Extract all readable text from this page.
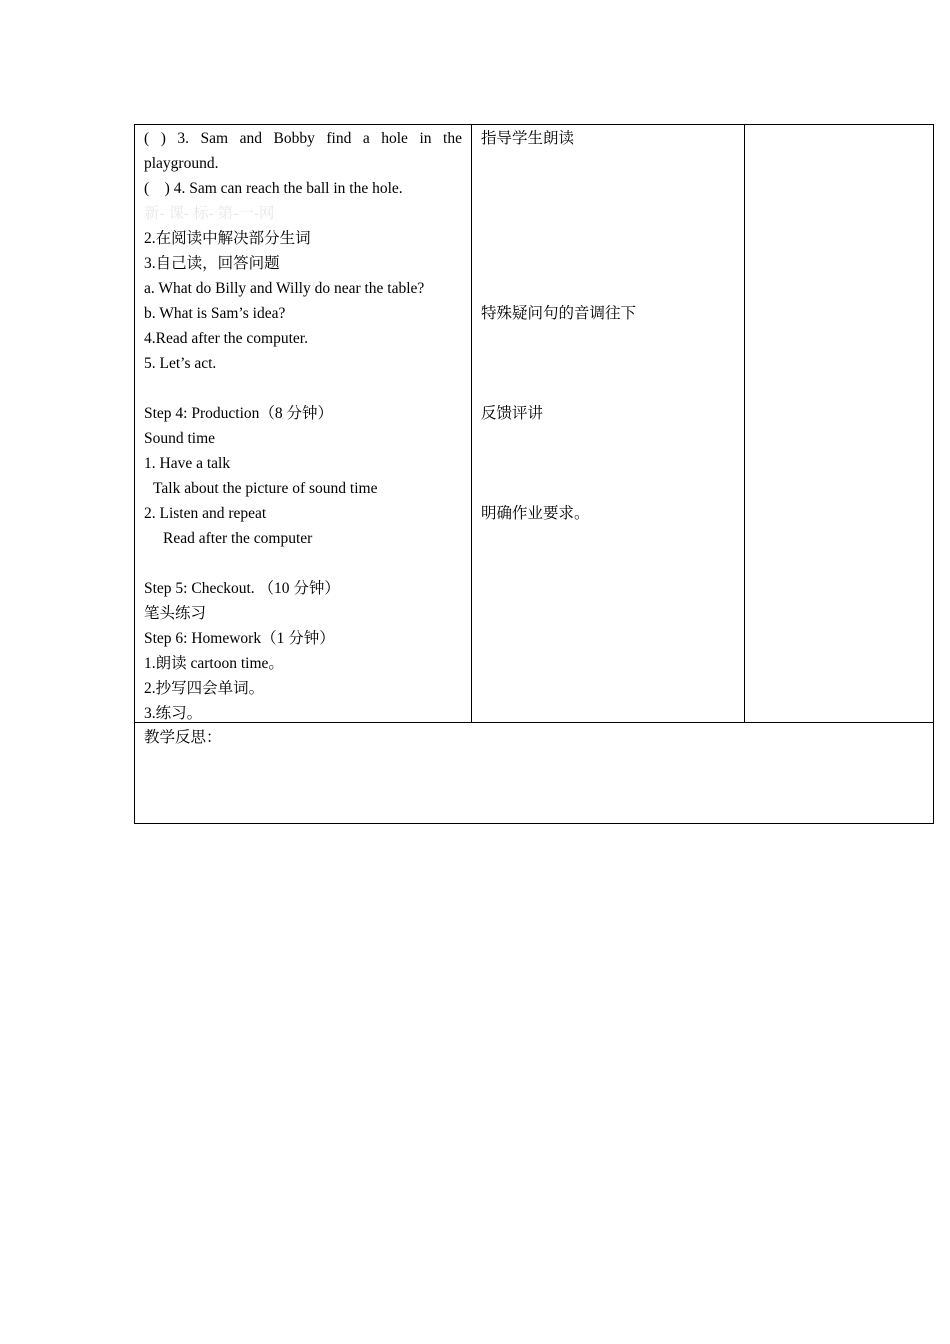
( ) 3. Sam and Bobby find a hole in the
playground.
(    ) 4. Sam can reach the ball in the hole.
新- 课- 标- 第-一-网
2.在阅读中解决部分生词
3.自己读，回答问题
a. What do Billy and Willy do near the table?
b. What is Sam’s idea?
4.Read after the computer.
5. Let’s act.
Step 4: Production（8 分钟）
Sound time
1. Have a talk
Talk about the picture of sound time
2. Listen and repeat
Read after the computer
Step 5: Checkout. （10 分钟）
笔头练习
Step 6: Homework（1 分钟）
1.朗读 cartoon time。
2.抄写四会单词。
3.练习。
指导学生朗读
特殊疑问句的音调往下
反馈评讲
明确作业要求。
教学反思：
